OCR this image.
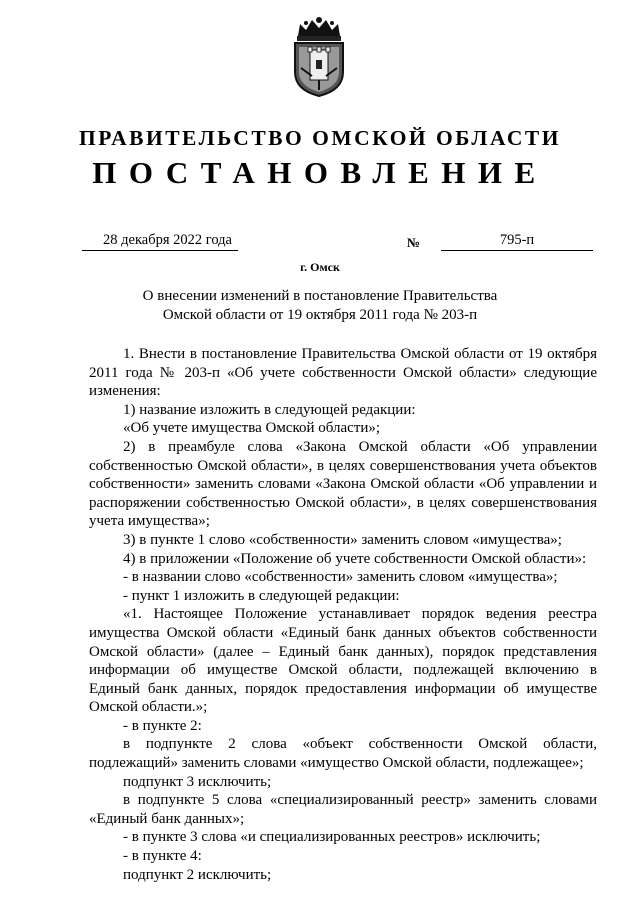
ПРАВИТЕЛЬСТВО ОМСКОЙ ОБЛАСТИ
ПОСТАНОВЛЕНИЕ
28 декабря 2022 года	№	795-п
г. Омск
О внесении изменений в постановление Правительства
Омской области от 19 октября 2011 года № 203-п

1. Внести в постановление Правительства Омской области от 19 октября 2011 года № 203-п «Об учете собственности Омской области» следующие изменения:

1) название изложить в следующей редакции:

«Об учете имущества Омской области»;

2) в преамбуле слова «Закона Омской области «Об управлении собственностью Омской области», в целях совершенствования учета объектов собственности» заменить словами «Закона Омской области «Об управлении и распоряжении собственностью Омской области», в целях совершенствования учета имущества»;

3) в пункте 1 слово «собственности» заменить словом «имущества»;

4) в приложении «Положение об учете собственности Омской области»:

- в названии слово «собственности» заменить словом «имущества»;

- пункт 1 изложить в следующей редакции:

«1. Настоящее Положение устанавливает порядок ведения реестра имущества Омской области «Единый банк данных объектов собственности Омской области» (далее – Единый банк данных), порядок представления информации об имуществе Омской области, подлежащей включению в Единый банк данных, порядок предоставления информации об имуществе Омской области.»;

- в пункте 2:

в подпункте 2 слова «объект собственности Омской области, подлежащий» заменить словами «имущество Омской области, подлежащее»;

подпункт 3 исключить;

в подпункте 5 слова «специализированный реестр» заменить словами «Единый банк данных»;

- в пункте 3 слова «и специализированных реестров» исключить;

- в пункте 4:

подпункт 2 исключить;
